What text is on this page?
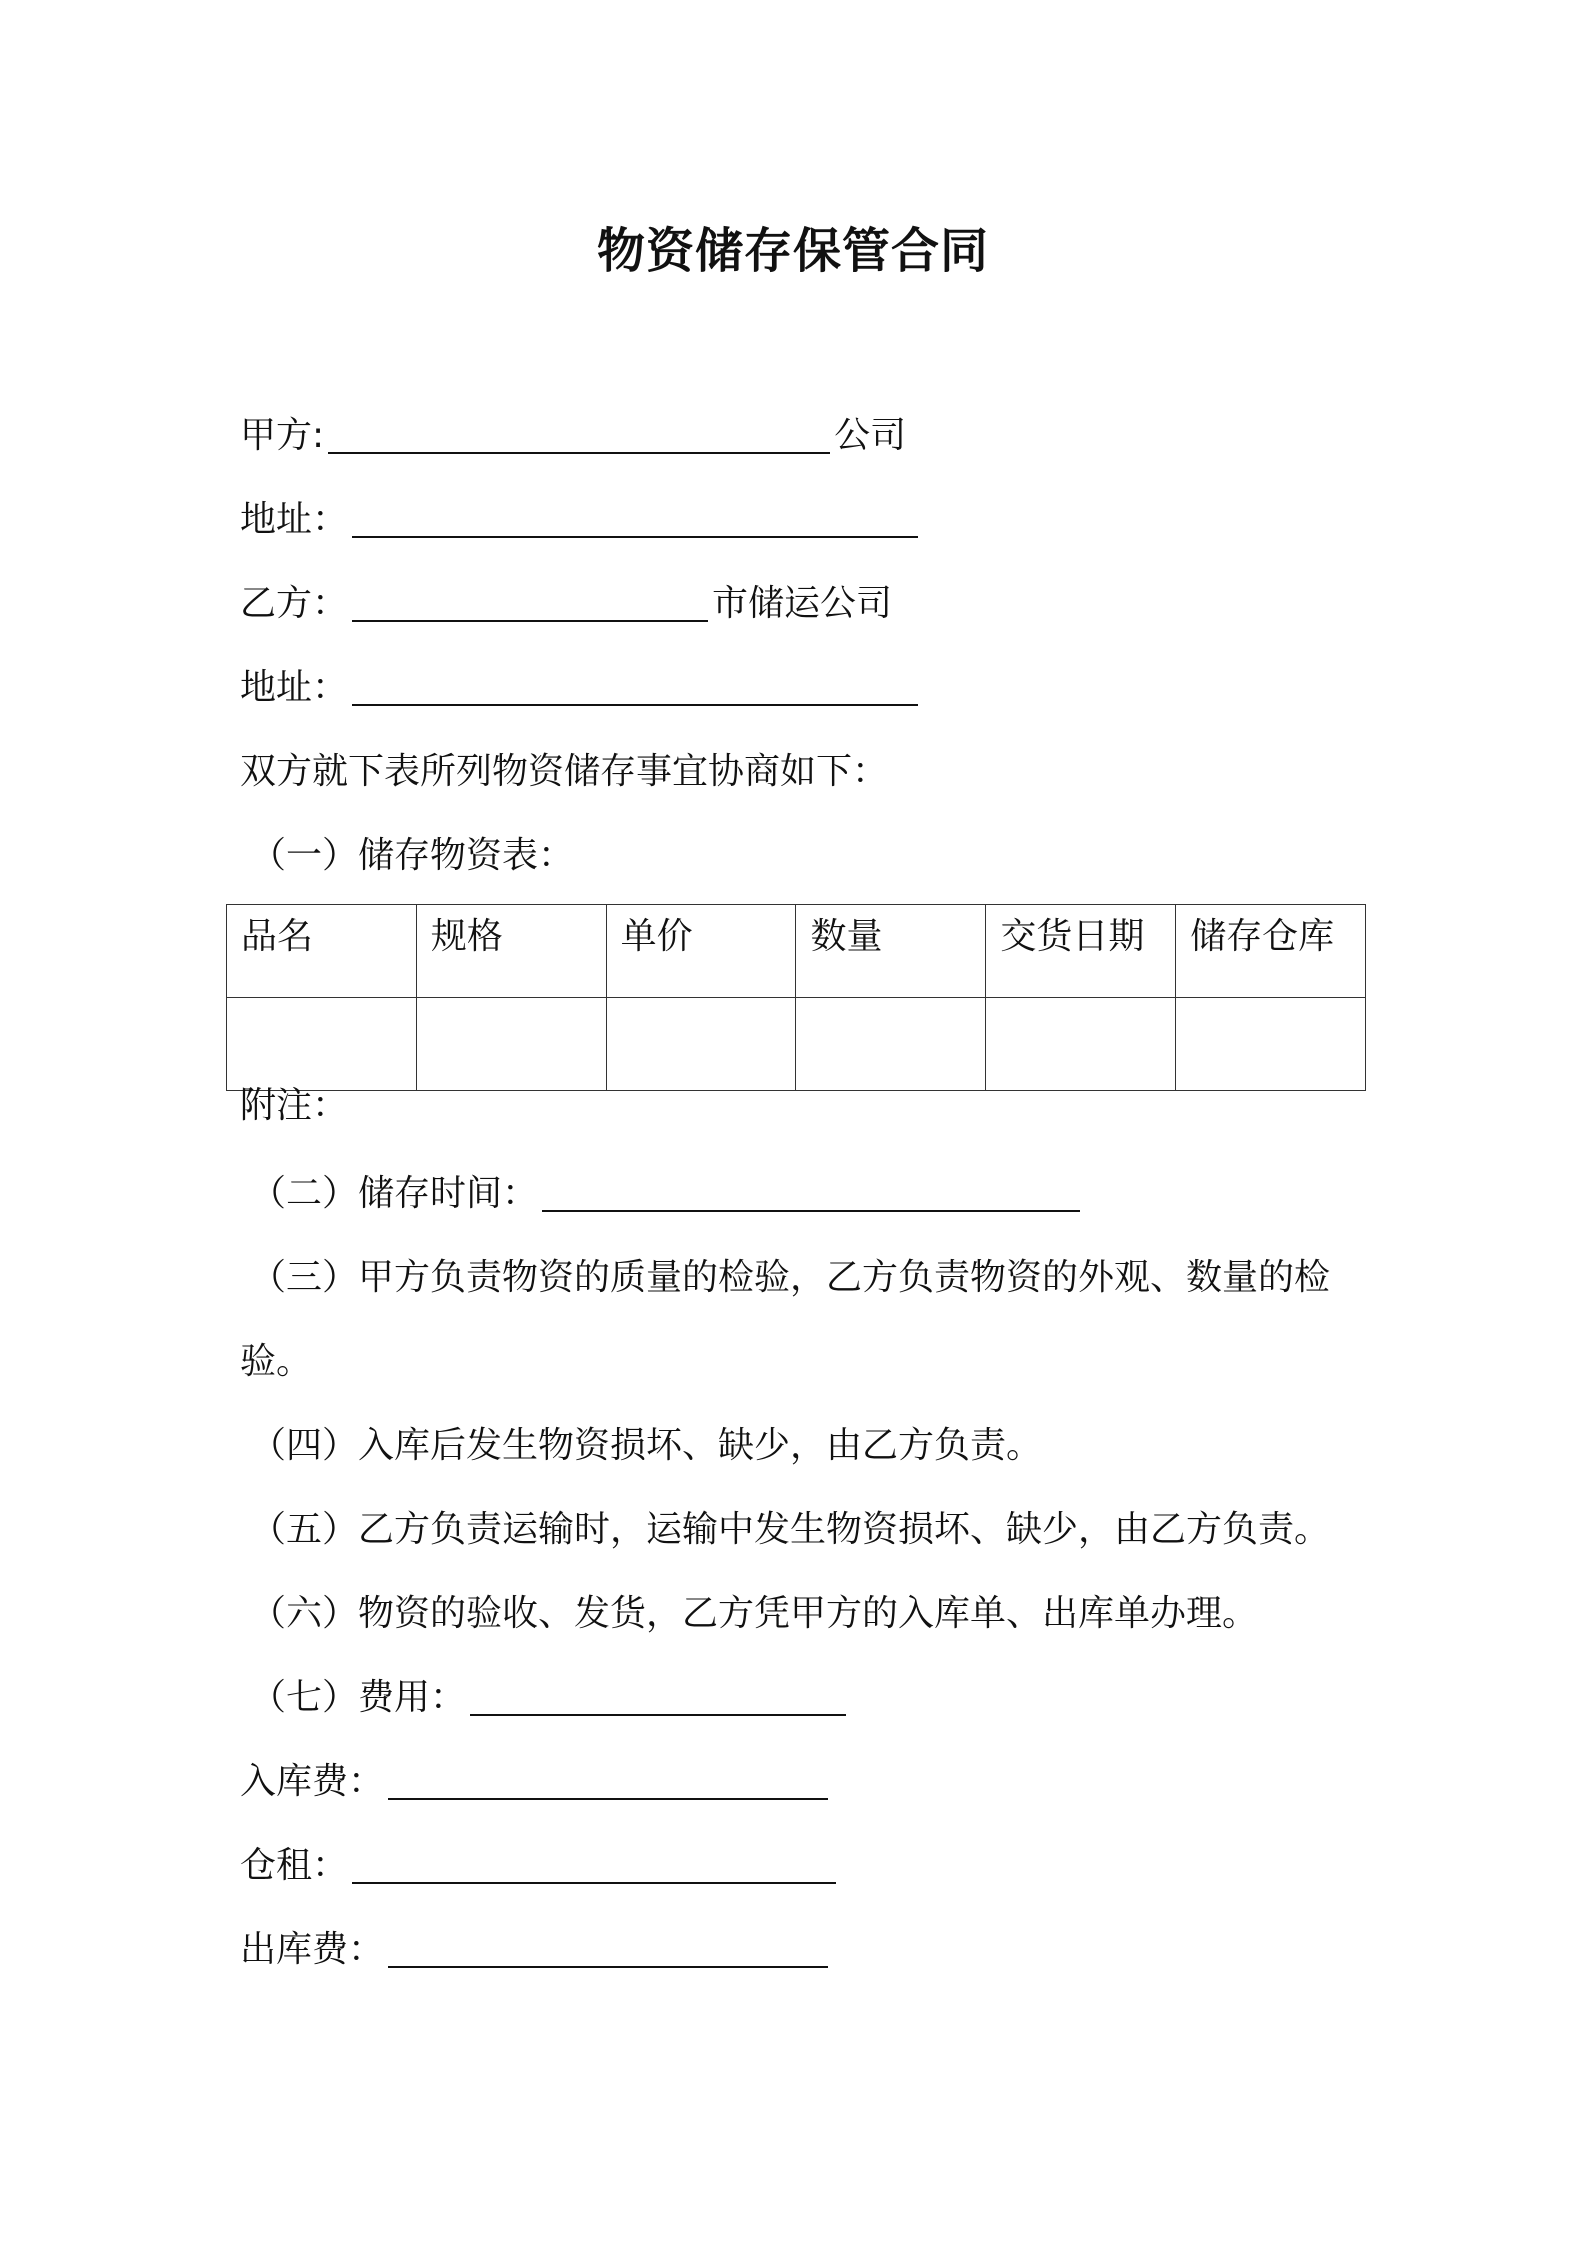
物资储存保管合同
甲方:	公司
地址：
乙方：	市储运公司
地址：
双方就下表所列物资储存事宜协商如下：
（一）储存物资表：
品名	规格	单价	数量	交货日期	储存仓库

附注：
（二）储存时间：
（三）甲方负责物资的质量的检验，乙方负责物资的外观、数量的检
验。
（四）入库后发生物资损坏、缺少，由乙方负责。
（五）乙方负责运输时，运输中发生物资损坏、缺少，由乙方负责。
（六）物资的验收、发货，乙方凭甲方的入库单、出库单办理。
（七）费用：
入库费：
仓租：
出库费：
